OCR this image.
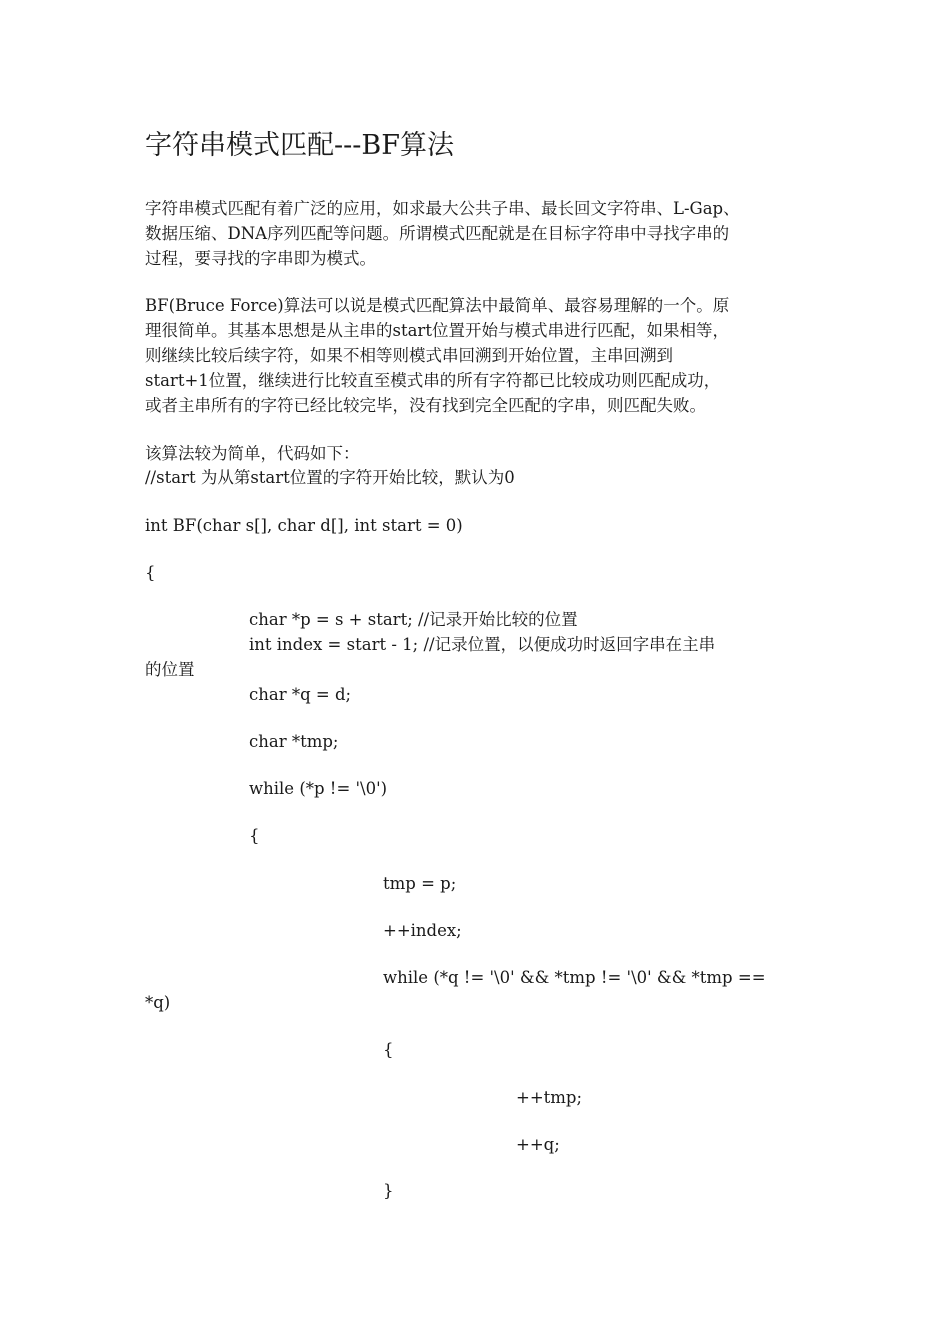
字符串模式匹配---BF算法
字符串模式匹配有着广泛的应用，如求最大公共子串、最长回文字符串、L-Gap、
数据压缩、DNA序列匹配等问题。所谓模式匹配就是在目标字符串中寻找字串的
过程，要寻找的字串即为模式。
BF(Bruce Force)算法可以说是模式匹配算法中最简单、最容易理解的一个。原
理很简单。其基本思想是从主串的start位置开始与模式串进行匹配，如果相等，
则继续比较后续字符，如果不相等则模式串回溯到开始位置，主串回溯到
start+1位置，继续进行比较直至模式串的所有字符都已比较成功则匹配成功，
或者主串所有的字符已经比较完毕，没有找到完全匹配的字串，则匹配失败。
该算法较为简单，代码如下：
//start 为从第start位置的字符开始比较，默认为0
int BF(char s[], char d[], int start = 0)
{
char *p = s + start; //记录开始比较的位置
int index = start - 1; //记录位置，以便成功时返回字串在主串
的位置
char *q = d;
char *tmp;
while (*p != '\0')
{
tmp = p;
++index;
while (*q != '\0' && *tmp != '\0' && *tmp ==
*q)
{
++tmp;
++q;
}
